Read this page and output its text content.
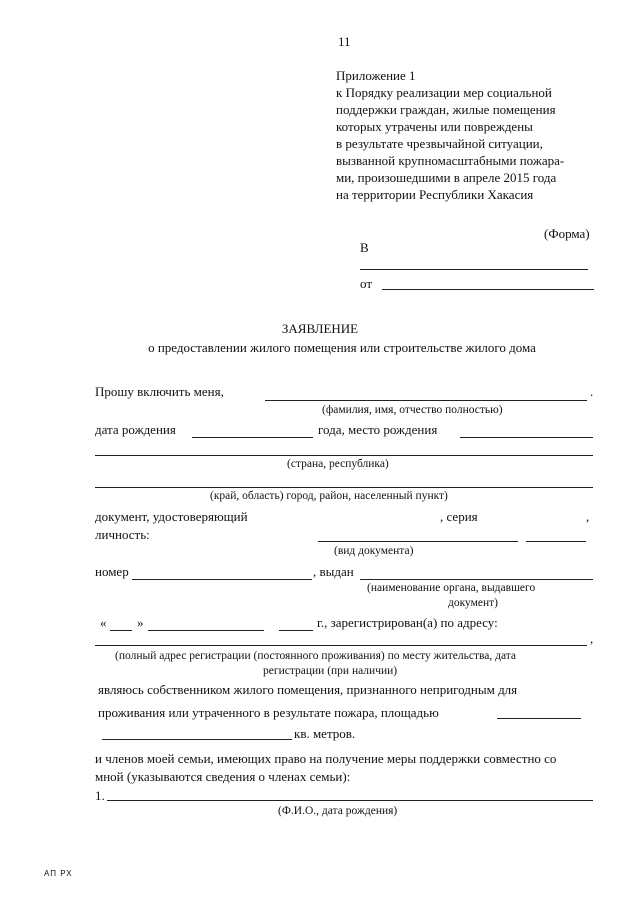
11
Приложение 1
к Порядку реализации мер социальной
поддержки граждан, жилые помещения
которых утрачены или повреждены
в результате чрезвычайной ситуации,
вызванной крупномасштабными пожара-
ми, произошедшими в апреле 2015 года
на территории Республики Хакасия
(Форма)
В
от
ЗАЯВЛЕНИЕ
о предоставлении жилого помещения или строительстве жилого дома
Прошу включить меня,	.
(фамилия, имя, отчество полностью)
дата рождения	года, место рождения
(страна, республика)
(край, область) город, район, населенный пункт)
документ, удостоверяющий
личность:
, серия	,
(вид документа)
номер	, выдан
(наименование органа, выдавшего
документ)
« »	г., зарегистрирован(а) по адресу:
,
(полный адрес регистрации (постоянного проживания) по месту жительства, дата
регистрации (при наличии)
являюсь собственником жилого помещения, признанного непригодным для
проживания или утраченного в результате пожара, площадью
кв. метров.
и членов моей семьи, имеющих право на получение меры поддержки совместно со
мной (указываются сведения о членах семьи):
1.
(Ф.И.О., дата рождения)
АП РХ
